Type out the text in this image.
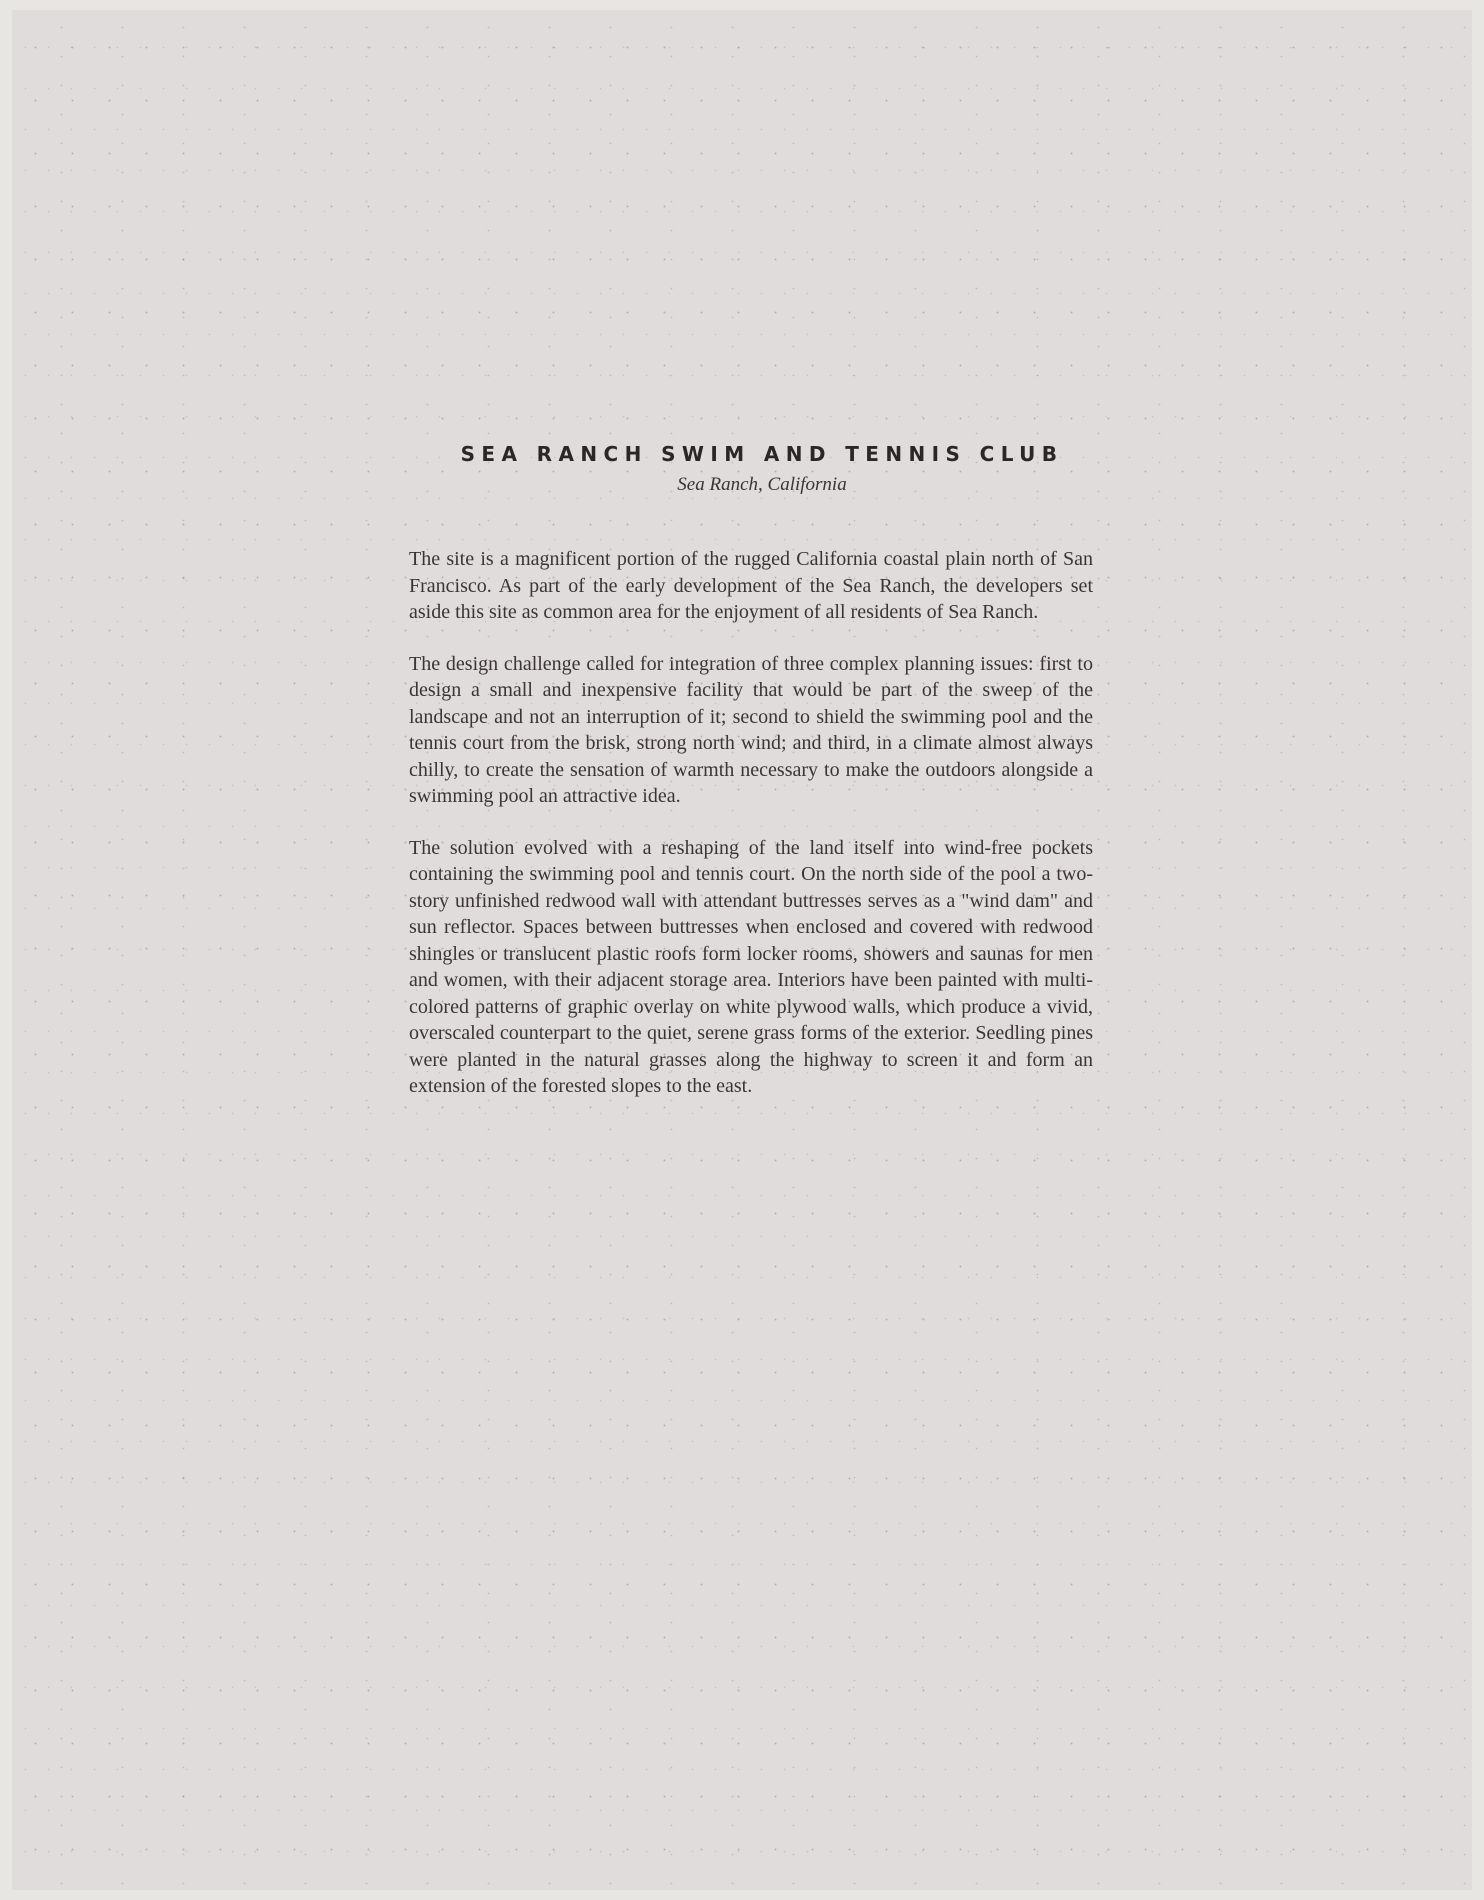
SEA RANCH SWIM AND TENNIS CLUB
Sea Ranch, California

The site is a magnificent portion of the rugged California coastal plain north of San Francisco. As part of the early development of the Sea Ranch, the developers set aside this site as common area for the enjoyment of all residents of Sea Ranch.

The design challenge called for integration of three complex planning issues: first to design a small and inexpensive facility that would be part of the sweep of the landscape and not an interruption of it; second to shield the swimming pool and the tennis court from the brisk, strong north wind; and third, in a climate almost always chilly, to create the sensation of warmth necessary to make the outdoors alongside a swimming pool an attractive idea.

The solution evolved with a reshaping of the land itself into wind-free pockets containing the swimming pool and tennis court. On the north side of the pool a two-story unfinished redwood wall with attendant buttresses serves as a "wind dam" and sun reflector. Spaces between buttresses when enclosed and covered with redwood shingles or translucent plastic roofs form locker rooms, showers and saunas for men and women, with their adjacent storage area. Interiors have been painted with multi-colored patterns of graphic overlay on white plywood walls, which produce a vivid, overscaled counterpart to the quiet, serene grass forms of the exterior. Seedling pines were planted in the natural grasses along the highway to screen it and form an extension of the forested slopes to the east.
